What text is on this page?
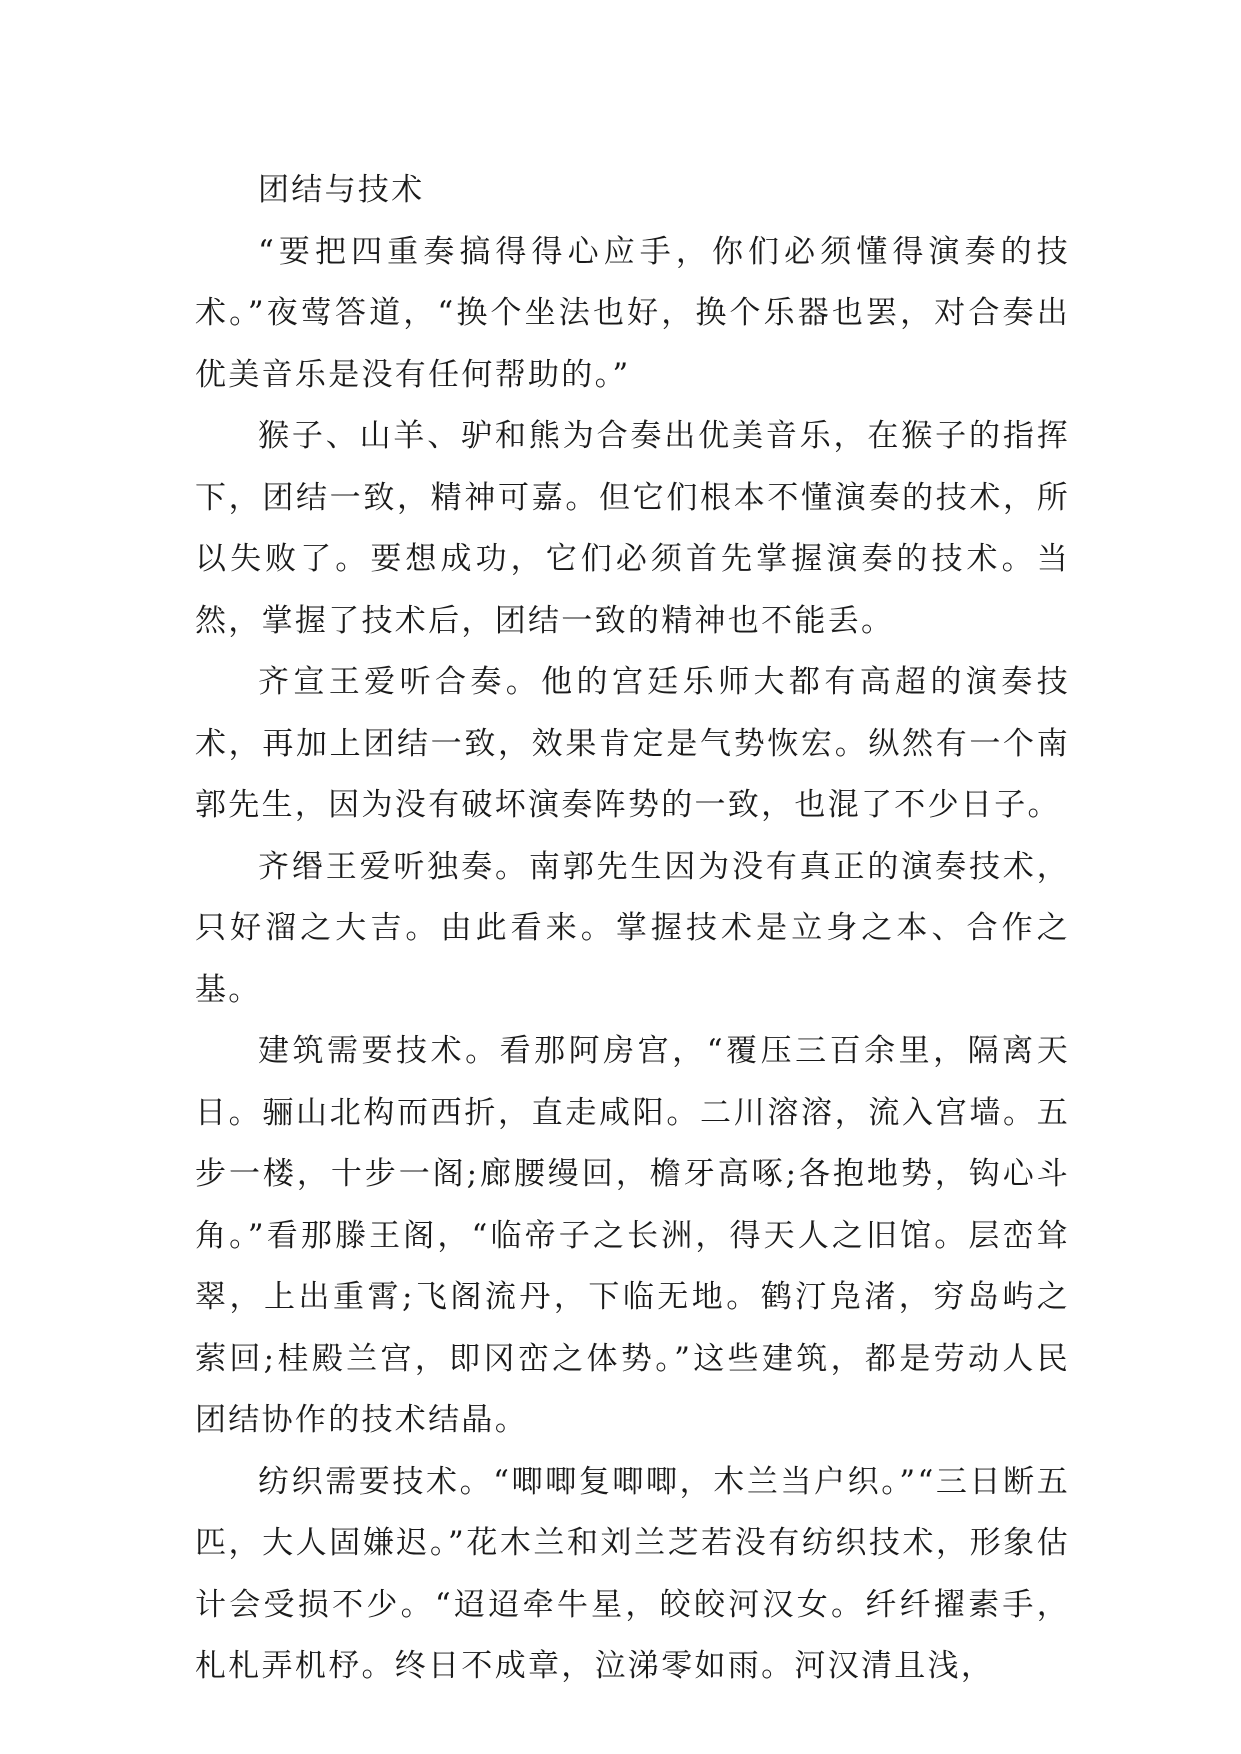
团结与技术

“要把四重奏搞得得心应手，你们必须懂得演奏的技术。”夜莺答道，“换个坐法也好，换个乐器也罢，对合奏出优美音乐是没有任何帮助的。”

猴子、山羊、驴和熊为合奏出优美音乐，在猴子的指挥下，团结一致，精神可嘉。但它们根本不懂演奏的技术，所以失败了。要想成功，它们必须首先掌握演奏的技术。当然，掌握了技术后，团结一致的精神也不能丢。

齐宣王爱听合奏。他的宫廷乐师大都有高超的演奏技术，再加上团结一致，效果肯定是气势恢宏。纵然有一个南郭先生，因为没有破坏演奏阵势的一致，也混了不少日子。

齐缗王爱听独奏。南郭先生因为没有真正的演奏技术，只好溜之大吉。由此看来。掌握技术是立身之本、合作之基。

建筑需要技术。看那阿房宫，“覆压三百余里，隔离天日。骊山北构而西折，直走咸阳。二川溶溶，流入宫墙。五步一楼，十步一阁;廊腰缦回，檐牙高啄;各抱地势，钩心斗角。”看那滕王阁，“临帝子之长洲，得天人之旧馆。层峦耸翠，上出重霄;飞阁流丹，下临无地。鹤汀凫渚，穷岛屿之萦回;桂殿兰宫，即冈峦之体势。”这些建筑，都是劳动人民团结协作的技术结晶。

纺织需要技术。“唧唧复唧唧，木兰当户织。”“三日断五匹，大人固嫌迟。”花木兰和刘兰芝若没有纺织技术，形象估计会受损不少。“迢迢牵牛星，皎皎河汉女。纤纤擢素手，札札弄机杼。终日不成章，泣涕零如雨。河汉清且浅，
